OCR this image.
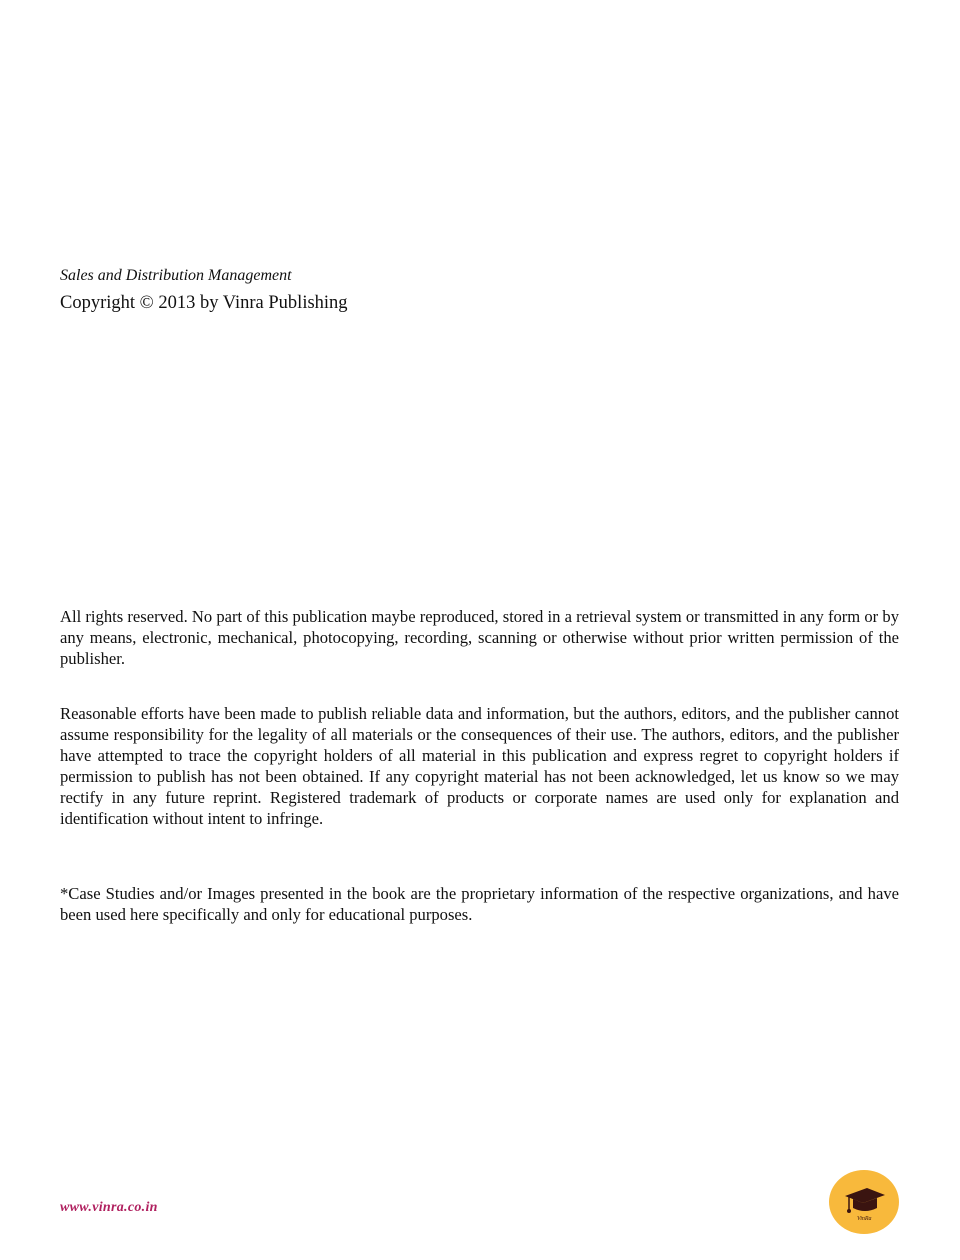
Sales and Distribution Management
Copyright © 2013 by Vinra Publishing

All rights reserved. No part of this publication maybe reproduced, stored in a retrieval system or transmitted in any form or by any means, electronic, mechanical, photocopying, recording, scanning or otherwise without prior written permission of the publisher.

Reasonable efforts have been made to publish reliable data and information, but the authors, editors, and the publisher cannot assume responsibility for the legality of all materials or the consequences of their use. The authors, editors, and the publisher have attempted to trace the copyright holders of all material in this publication and express regret to copyright holders if permission to publish has not been obtained. If any copyright material has not been acknowledged, let us know so we may rectify in any future reprint. Registered trademark of products or corporate names are used only for explanation and identification without intent to infringe.

*Case Studies and/or Images presented in the book are the proprietary information of the respective organizations, and have been used here specifically and only for educational purposes.

www.vinra.co.in
VinRa
